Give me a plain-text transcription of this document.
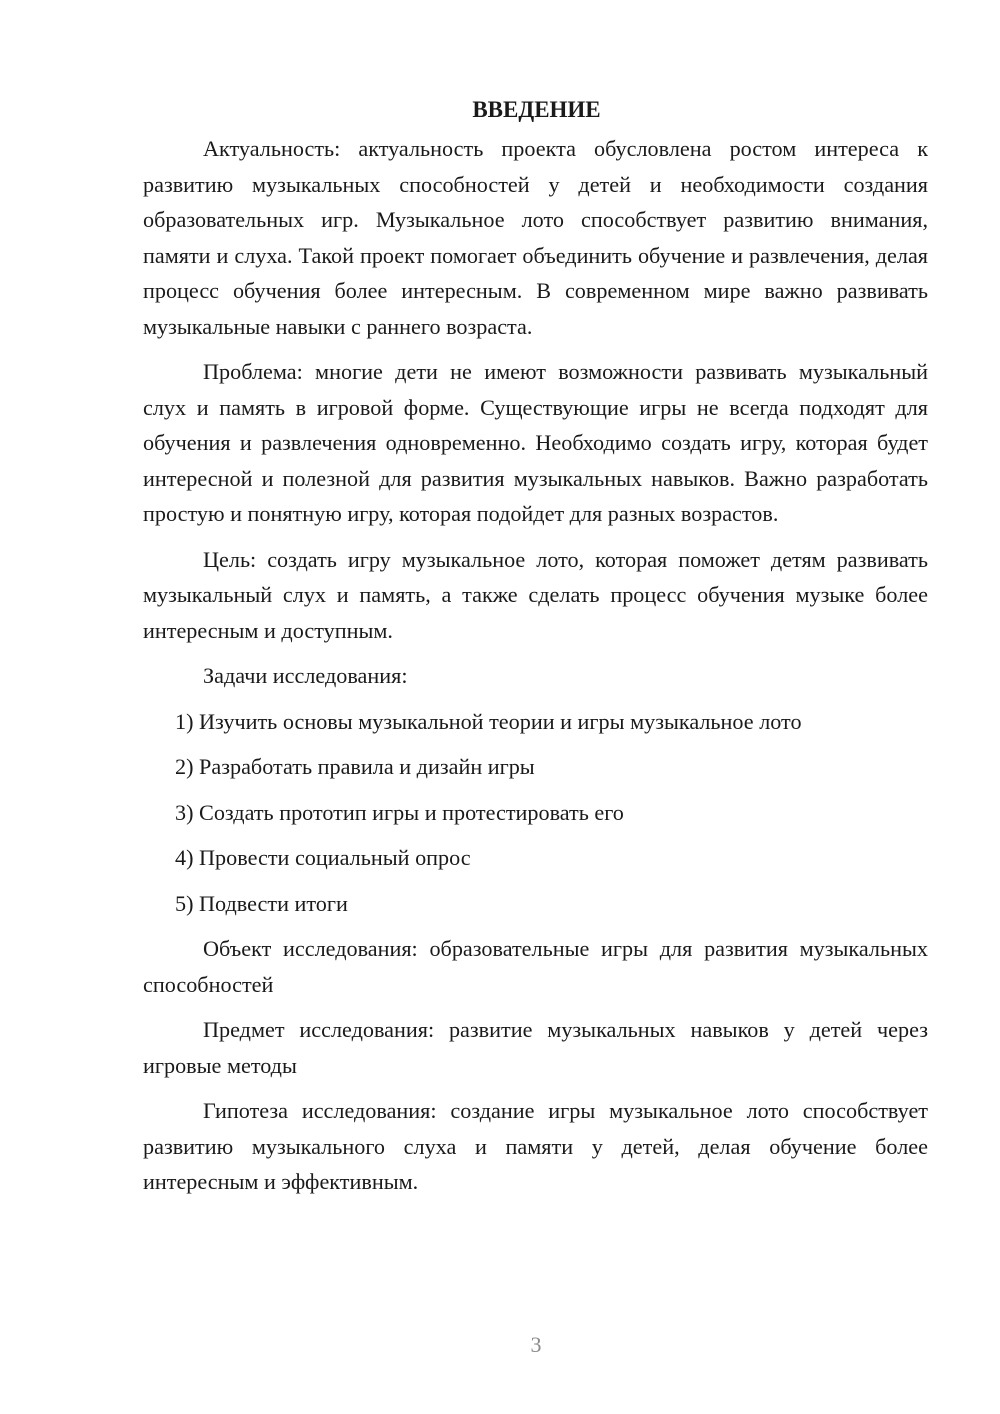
ВВЕДЕНИЕ

Актуальность: актуальность проекта обусловлена ростом интереса к развитию музыкальных способностей у детей и необходимости создания образовательных игр. Музыкальное лото способствует развитию внимания, памяти и слуха. Такой проект помогает объединить обучение и развлечения, делая процесс обучения более интересным. В современном мире важно развивать музыкальные навыки с раннего возраста.

Проблема: многие дети не имеют возможности развивать музыкальный слух и память в игровой форме. Существующие игры не всегда подходят для обучения и развлечения одновременно. Необходимо создать игру, которая будет интересной и полезной для развития музыкальных навыков. Важно разработать простую и понятную игру, которая подойдет для разных возрастов.

Цель: создать игру музыкальное лото, которая поможет детям развивать музыкальный слух и память, а также сделать процесс обучения музыке более интересным и доступным.

Задачи исследования:

1) Изучить основы музыкальной теории и игры музыкальное лото
2) Разработать правила и дизайн игры
3) Создать прототип игры и протестировать его
4) Провести социальный опрос
5) Подвести итоги

Объект исследования: образовательные игры для развития музыкальных способностей

Предмет исследования: развитие музыкальных навыков у детей через игровые методы

Гипотеза исследования: создание игры музыкальное лото способствует развитию музыкального слуха и памяти у детей, делая обучение более интересным и эффективным.

3
